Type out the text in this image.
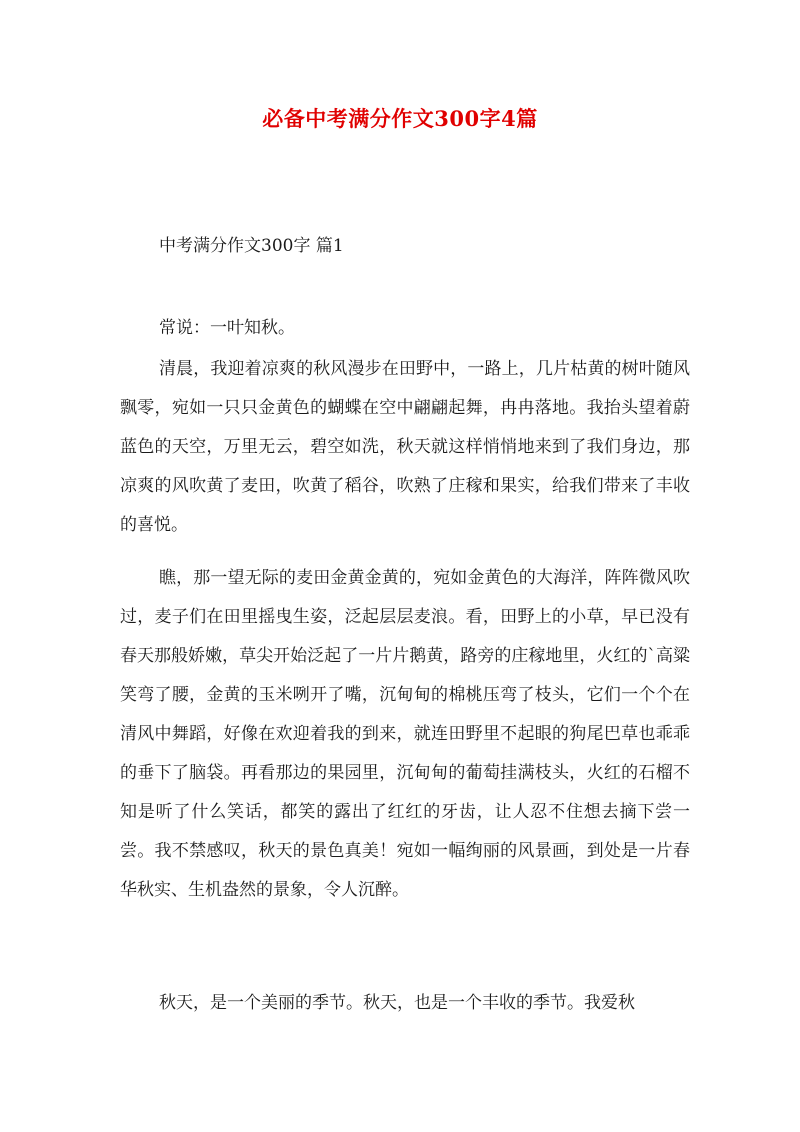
必备中考满分作文300字4篇

中考满分作文300字 篇1

常说：一叶知秋。

清晨，我迎着凉爽的秋风漫步在田野中，一路上，几片枯黄的树叶随风飘零，宛如一只只金黄色的蝴蝶在空中翩翩起舞，冉冉落地。我抬头望着蔚蓝色的天空，万里无云，碧空如洗，秋天就这样悄悄地来到了我们身边，那凉爽的风吹黄了麦田，吹黄了稻谷，吹熟了庄稼和果实，给我们带来了丰收的喜悦。

瞧，那一望无际的麦田金黄金黄的，宛如金黄色的大海洋，阵阵微风吹过，麦子们在田里摇曳生姿，泛起层层麦浪。看，田野上的小草，早已没有春天那般娇嫩，草尖开始泛起了一片片鹅黄，路旁的庄稼地里，火红的`高粱笑弯了腰，金黄的玉米咧开了嘴，沉甸甸的棉桃压弯了枝头，它们一个个在清风中舞蹈，好像在欢迎着我的到来，就连田野里不起眼的狗尾巴草也乖乖的垂下了脑袋。再看那边的果园里，沉甸甸的葡萄挂满枝头，火红的石榴不知是听了什么笑话，都笑的露出了红红的牙齿，让人忍不住想去摘下尝一尝。我不禁感叹，秋天的景色真美！宛如一幅绚丽的风景画，到处是一片春华秋实、生机盎然的景象，令人沉醉。

秋天，是一个美丽的季节。秋天，也是一个丰收的季节。我爱秋
